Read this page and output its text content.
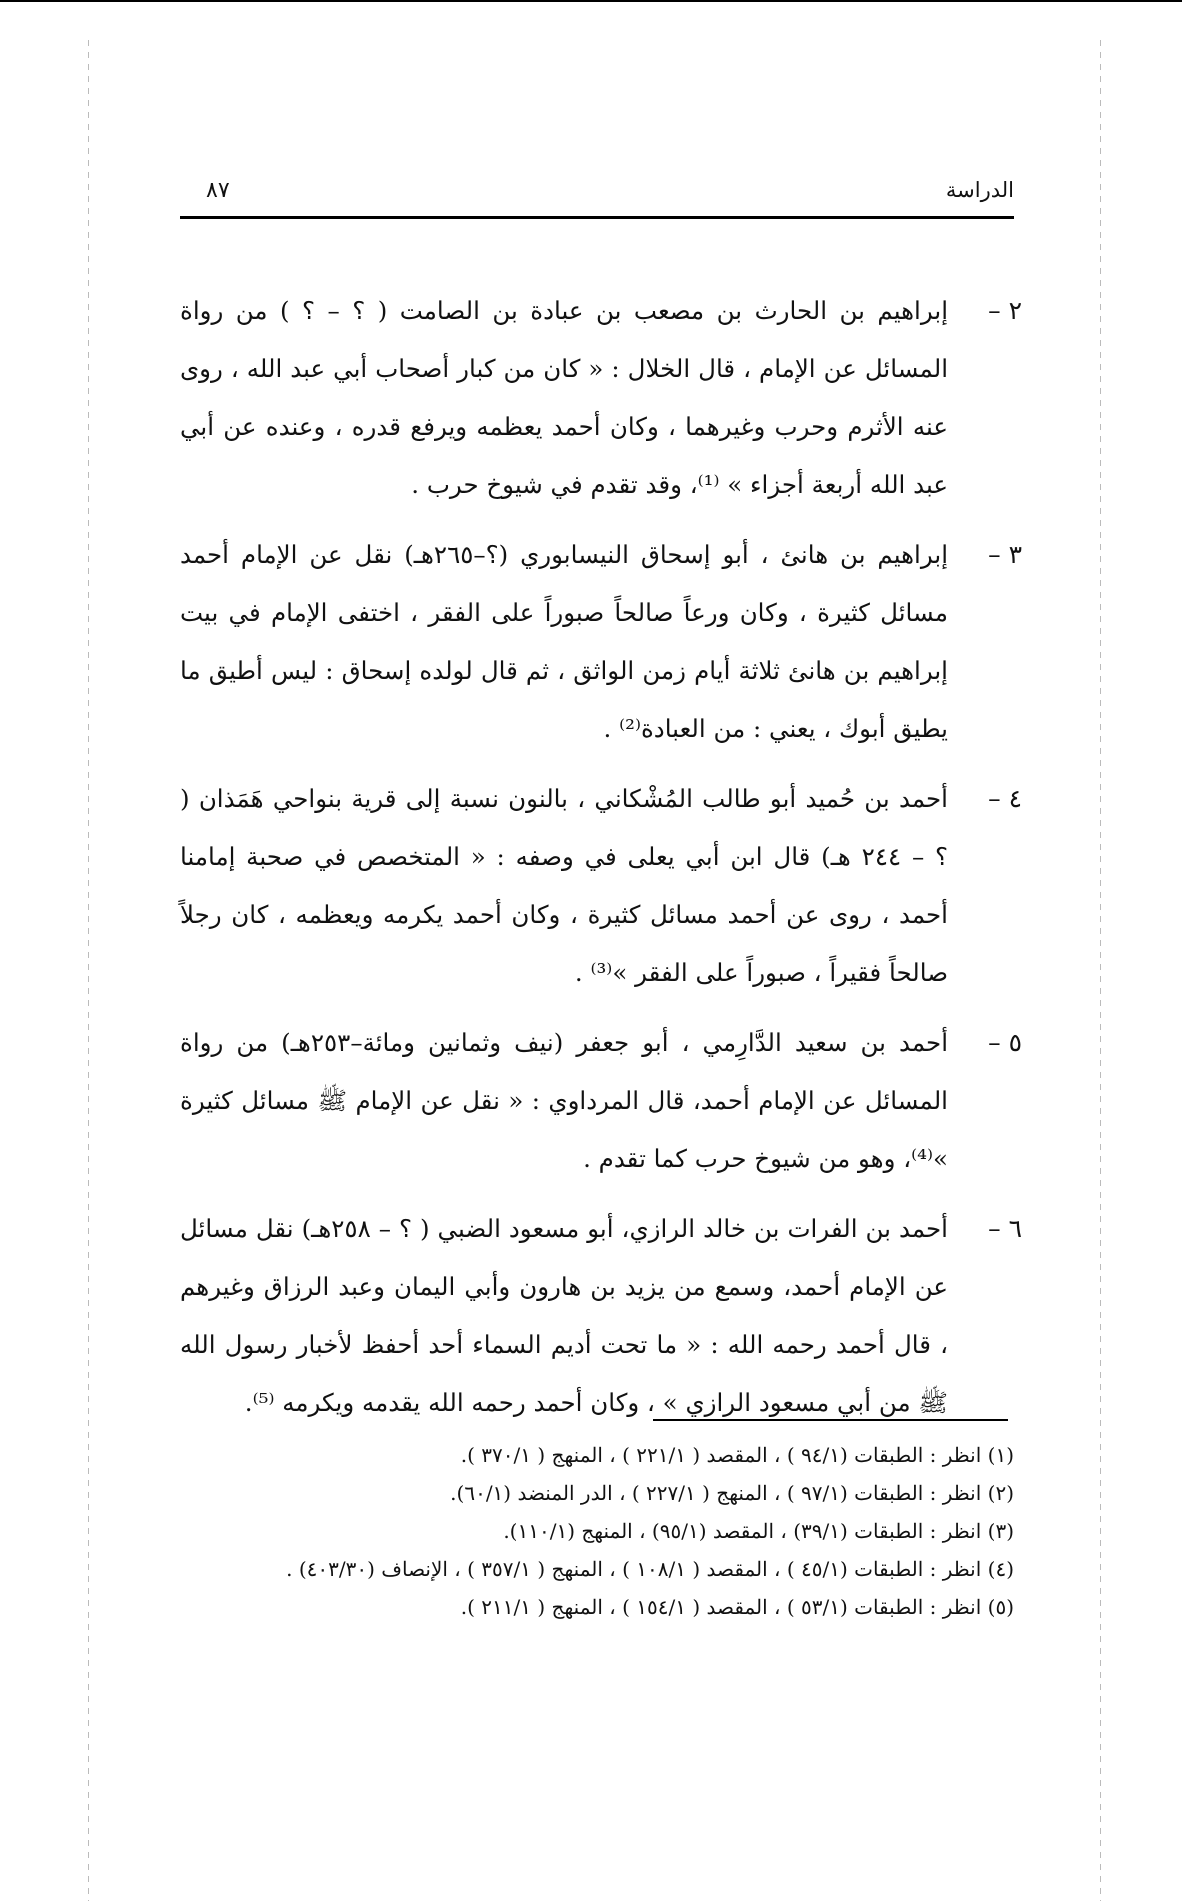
الدراسة
٨٧
٢ –
إبراهيم بن الحارث بن مصعب بن عبادة بن الصامت ( ؟ – ؟ ) من رواة المسائل عن الإمام ، قال الخلال : « كان من كبار أصحاب أبي عبد الله ، روى عنه الأثرم وحرب وغيرهما ، وكان أحمد يعظمه ويرفع قدره ، وعنده عن أبي عبد الله أربعة أجزاء » ⁽¹⁾، وقد تقدم في شيوخ حرب .
٣ –
إبراهيم بن هانئ ، أبو إسحاق النيسابوري (؟–٢٦٥هـ) نقل عن الإمام أحمد مسائل كثيرة ، وكان ورعاً صالحاً صبوراً على الفقر ، اختفى الإمام في بيت إبراهيم بن هانئ ثلاثة أيام زمن الواثق ، ثم قال لولده إسحاق : ليس أطيق ما يطيق أبوك ، يعني : من العبادة⁽²⁾ .
٤ –
أحمد بن حُميد أبو طالب المُشْكاني ، بالنون نسبة إلى قرية بنواحي هَمَذان ( ؟ – ٢٤٤ هـ) قال ابن أبي يعلى في وصفه : « المتخصص في صحبة إمامنا أحمد ، روى عن أحمد مسائل كثيرة ، وكان أحمد يكرمه ويعظمه ، كان رجلاً صالحاً فقيراً ، صبوراً على الفقر »⁽³⁾ .
٥ –
أحمد بن سعيد الدَّارِمي ، أبو جعفر (نيف وثمانين ومائة–٢٥٣هـ) من رواة المسائل عن الإمام أحمد، قال المرداوي : « نقل عن الإمام ﷺ مسائل كثيرة »⁽⁴⁾، وهو من شيوخ حرب كما تقدم .
٦ –
أحمد بن الفرات بن خالد الرازي، أبو مسعود الضبي ( ؟ – ٢٥٨هـ) نقل مسائل عن الإمام أحمد، وسمع من يزيد بن هارون وأبي اليمان وعبد الرزاق وغيرهم ، قال أحمد رحمه الله : « ما تحت أديم السماء أحد أحفظ لأخبار رسول الله ﷺ من أبي مسعود الرازي » ، وكان أحمد رحمه الله يقدمه ويكرمه ⁽⁵⁾.
(١) انظر : الطبقات (٩٤/١ ) ، المقصد ( ٢٢١/١ ) ، المنهج ( ٣٧٠/١ ).
(٢) انظر : الطبقات (٩٧/١ ) ، المنهج ( ٢٢٧/١ ) ، الدر المنضد (٦٠/١).
(٣) انظر : الطبقات (٣٩/١) ، المقصد (٩٥/١) ، المنهج (١١٠/١).
(٤) انظر : الطبقات (٤٥/١ ) ، المقصد ( ١٠٨/١ ) ، المنهج ( ٣٥٧/١ ) ، الإنصاف (٤٠٣/٣٠) .
(٥) انظر : الطبقات (٥٣/١ ) ، المقصد ( ١٥٤/١ ) ، المنهج ( ٢١١/١ ).
